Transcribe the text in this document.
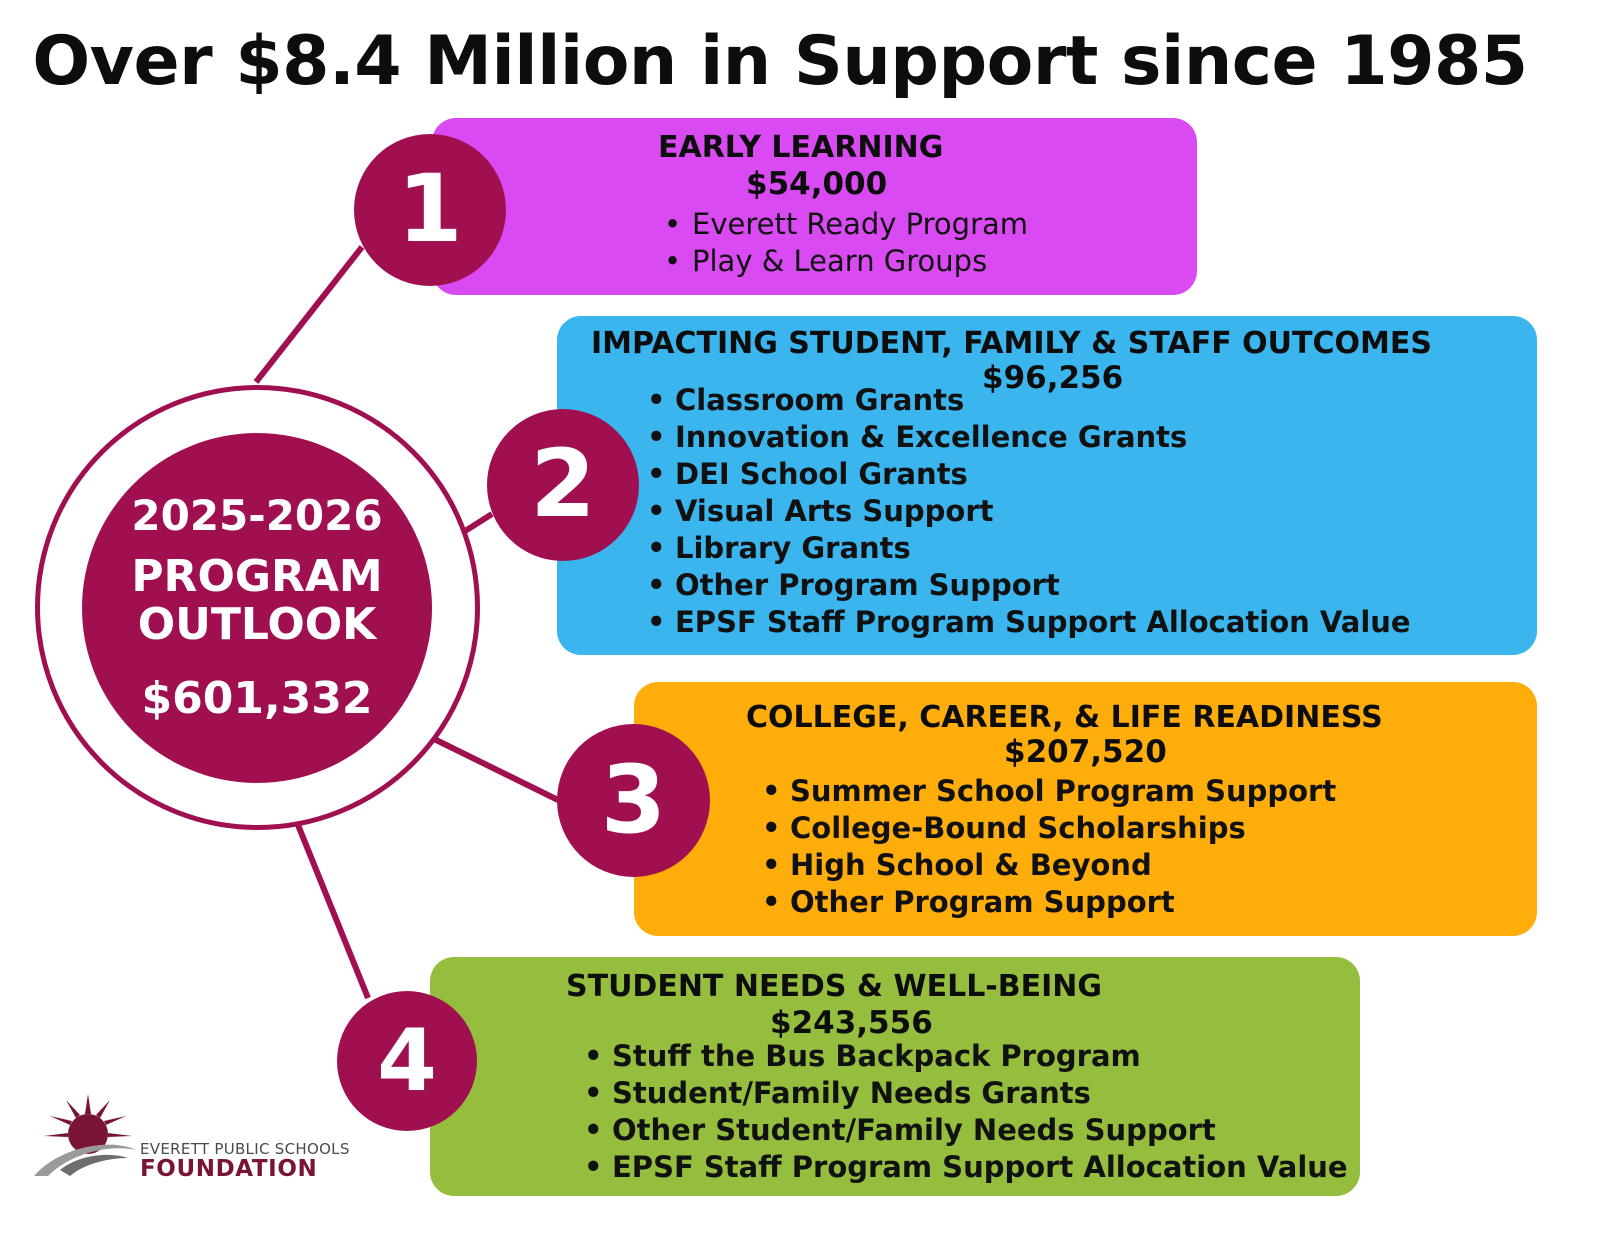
Over $8.4 Million in Support since 1985
2025-2026
PROGRAM
OUTLOOK
$601,332
EARLY LEARNING
$54,000
• Everett Ready Program
• Play & Learn Groups
IMPACTING STUDENT, FAMILY & STAFF OUTCOMES
$96,256
• Classroom Grants
• Innovation & Excellence Grants
• DEI School Grants
• Visual Arts Support
• Library Grants
• Other Program Support
• EPSF Staff Program Support Allocation Value
COLLEGE, CAREER, & LIFE READINESS
$207,520
• Summer School Program Support
• College-Bound Scholarships
• High School & Beyond
• Other Program Support
STUDENT NEEDS & WELL-BEING
$243,556
• Stuff the Bus Backpack Program
• Student/Family Needs Grants
• Other Student/Family Needs Support
• EPSF Staff Program Support Allocation Value
1
2
3
4
EVERETT PUBLIC SCHOOLS
FOUNDATION
